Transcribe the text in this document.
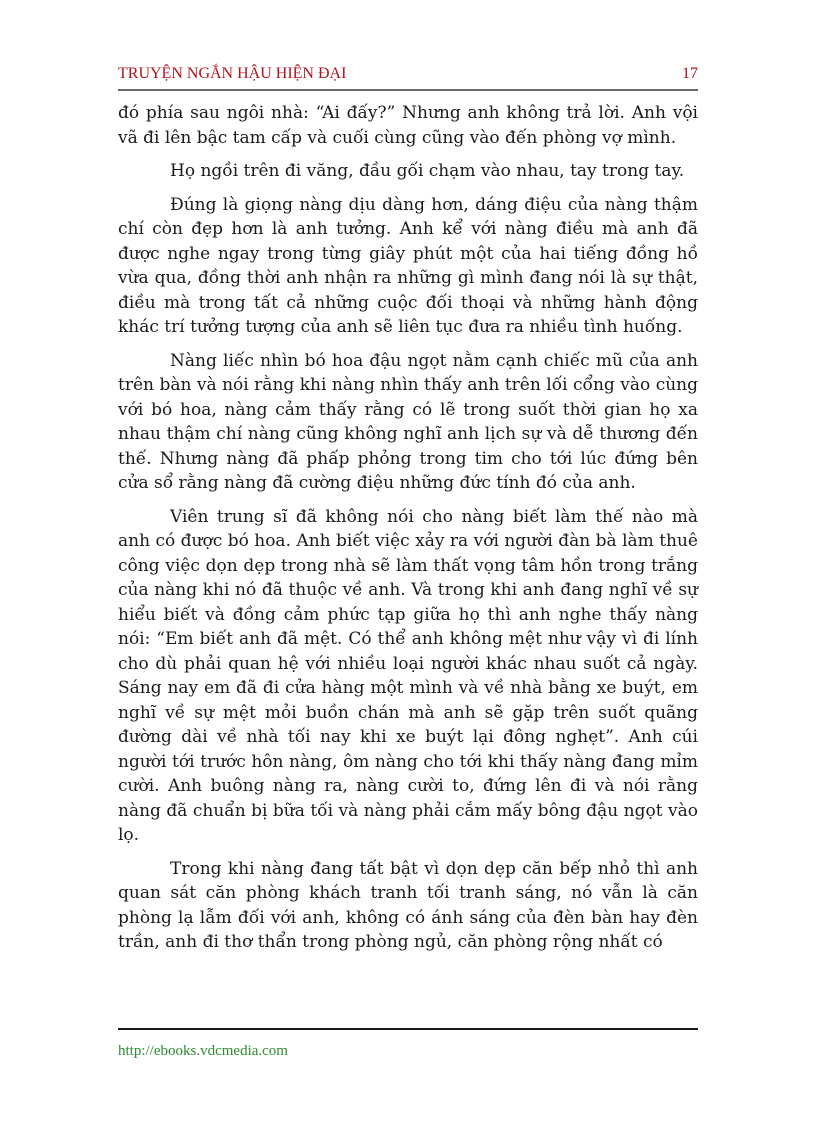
TRUYỆN NGẮN HẬU HIỆN ĐẠI	17

đó phía sau ngôi nhà: “Ai đấy?” Nhưng anh không trả lời. Anh vội vã đi lên bậc tam cấp và cuối cùng cũng vào đến phòng vợ mình.

Họ ngồi trên đi văng, đầu gối chạm vào nhau, tay trong tay.

Đúng là giọng nàng dịu dàng hơn, dáng điệu của nàng thậm chí còn đẹp hơn là anh tưởng. Anh kể với nàng điều mà anh đã được nghe ngay trong từng giây phút một của hai tiếng đồng hồ vừa qua, đồng thời anh nhận ra những gì mình đang nói là sự thật, điều mà trong tất cả những cuộc đối thoại và những hành động khác trí tưởng tượng của anh sẽ liên tục đưa ra nhiều tình huống.

Nàng liếc nhìn bó hoa đậu ngọt nằm cạnh chiếc mũ của anh trên bàn và nói rằng khi nàng nhìn thấy anh trên lối cổng vào cùng với bó hoa, nàng cảm thấy rằng có lẽ trong suốt thời gian họ xa nhau thậm chí nàng cũng không nghĩ anh lịch sự và dễ thương đến thế. Nhưng nàng đã phấp phỏng trong tim cho tới lúc đứng bên cửa sổ rằng nàng đã cường điệu những đức tính đó của anh.

Viên trung sĩ đã không nói cho nàng biết làm thế nào mà anh có được bó hoa. Anh biết việc xảy ra với người đàn bà làm thuê công việc dọn dẹp trong nhà sẽ làm thất vọng tâm hồn trong trắng của nàng khi nó đã thuộc về anh. Và trong khi anh đang nghĩ về sự hiểu biết và đồng cảm phức tạp giữa họ thì anh nghe thấy nàng nói: “Em biết anh đã mệt. Có thể anh không mệt như vậy vì đi lính cho dù phải quan hệ với nhiều loại người khác nhau suốt cả ngày. Sáng nay em đã đi cửa hàng một mình và về nhà bằng xe buýt, em nghĩ về sự mệt mỏi buồn chán mà anh sẽ gặp trên suốt quãng đường dài về nhà tối nay khi xe buýt lại đông nghẹt”. Anh cúi người tới trước hôn nàng, ôm nàng cho tới khi thấy nàng đang mỉm cười. Anh buông nàng ra, nàng cười to, đứng lên đi và nói rằng nàng đã chuẩn bị bữa tối và nàng phải cắm mấy bông đậu ngọt vào lọ.

Trong khi nàng đang tất bật vì dọn dẹp căn bếp nhỏ thì anh quan sát căn phòng khách tranh tối tranh sáng, nó vẫn là căn phòng lạ lẫm đối với anh, không có ánh sáng của đèn bàn hay đèn trần, anh đi thơ thẩn trong phòng ngủ, căn phòng rộng nhất có

http://ebooks.vdcmedia.com
